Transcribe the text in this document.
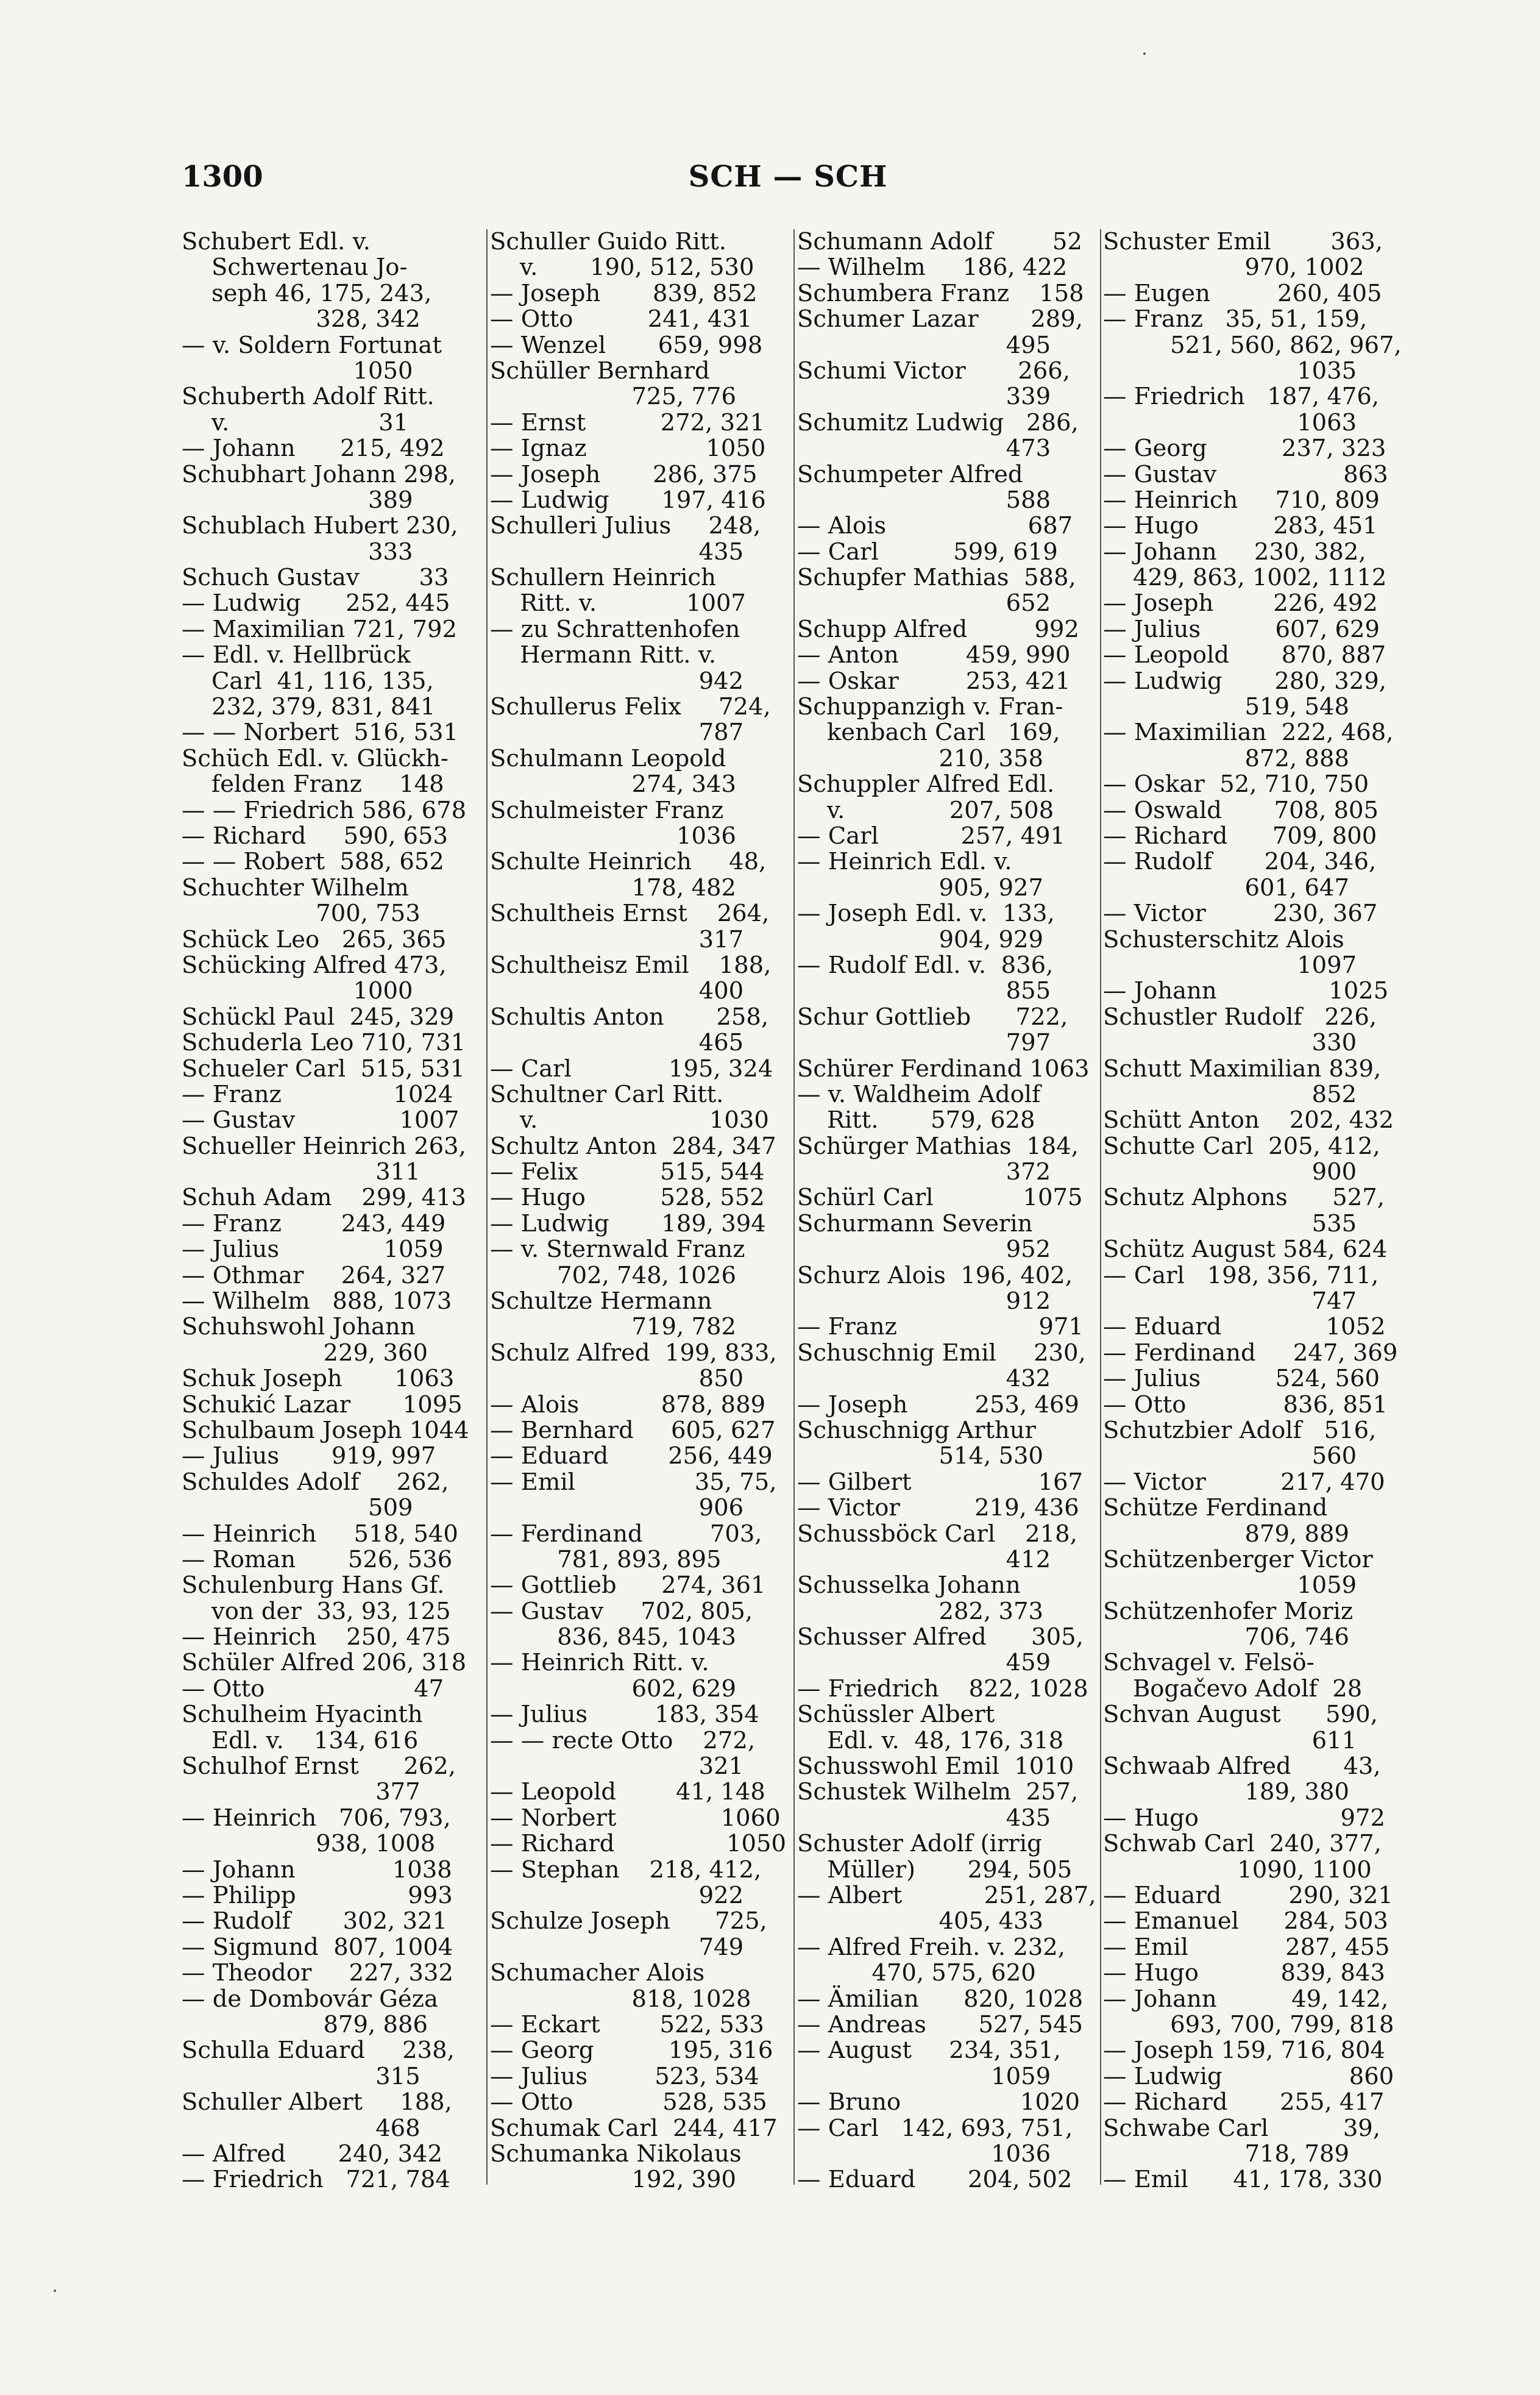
1300	SCH — SCH
Schubert Edl. v.
Schwertenau Jo-
seph 46, 175, 243,
328, 342
— v. Soldern Fortunat
1050
Schuberth Adolf Ritt.
v.                    31
— Johann      215, 492
Schubhart Johann 298,
389
Schublach Hubert 230,
333
Schuch Gustav        33
— Ludwig      252, 445
— Maximilian 721, 792
— Edl. v. Hellbrück
Carl  41, 116, 135,
232, 379, 831, 841
— — Norbert  516, 531
Schüch Edl. v. Glückh-
felden Franz     148
— — Friedrich 586, 678
— Richard     590, 653
— — Robert  588, 652
Schuchter Wilhelm
700, 753
Schück Leo   265, 365
Schücking Alfred 473,
1000
Schückl Paul  245, 329
Schuderla Leo 710, 731
Schueler Carl  515, 531
— Franz               1024
— Gustav              1007
Schueller Heinrich 263,
311
Schuh Adam    299, 413
— Franz        243, 449
— Julius              1059
— Othmar     264, 327
— Wilhelm   888, 1073
Schuhswohl Johann
229, 360
Schuk Joseph       1063
Schukić Lazar       1095
Schulbaum Joseph 1044
— Julius       919, 997
Schuldes Adolf     262,
509
— Heinrich     518, 540
— Roman       526, 536
Schulenburg Hans Gf.
von der  33, 93, 125
— Heinrich    250, 475
Schüler Alfred 206, 318
— Otto                    47
Schulheim Hyacinth
Edl. v.    134, 616
Schulhof Ernst      262,
377
— Heinrich   706, 793,
938, 1008
— Johann             1038
— Philipp               993
— Rudolf       302, 321
— Sigmund  807, 1004
— Theodor     227, 332
— de Dombovár Géza
879, 886
Schulla Eduard     238,
315
Schuller Albert     188,
468
— Alfred       240, 342
— Friedrich   721, 784
Schuller Guido Ritt.
v.       190, 512, 530
— Joseph       839, 852
— Otto          241, 431
— Wenzel       659, 998
Schüller Bernhard
725, 776
— Ernst          272, 321
— Ignaz                1050
— Joseph       286, 375
— Ludwig       197, 416
Schulleri Julius     248,
435
Schullern Heinrich
Ritt. v.            1007
— zu Schrattenhofen
Hermann Ritt. v.
942
Schullerus Felix     724,
787
Schulmann Leopold
274, 343
Schulmeister Franz
1036
Schulte Heinrich     48,
178, 482
Schultheis Ernst    264,
317
Schultheisz Emil    188,
400
Schultis Anton       258,
465
— Carl             195, 324
Schultner Carl Ritt.
v.                       1030
Schultz Anton  284, 347
— Felix           515, 544
— Hugo          528, 552
— Ludwig       189, 394
— v. Sternwald Franz
702, 748, 1026
Schultze Hermann
719, 782
Schulz Alfred  199, 833,
850
— Alois           878, 889
— Bernhard     605, 627
— Eduard        256, 449
— Emil                35, 75,
906
— Ferdinand         703,
781, 893, 895
— Gottlieb      274, 361
— Gustav     702, 805,
836, 845, 1043
— Heinrich Ritt. v.
602, 629
— Julius         183, 354
— — recte Otto    272,
321
— Leopold        41, 148
— Norbert              1060
— Richard               1050
— Stephan    218, 412,
922
Schulze Joseph      725,
749
Schumacher Alois
818, 1028
— Eckart        522, 533
— Georg          195, 316
— Julius         523, 534
— Otto            528, 535
Schumak Carl  244, 417
Schumanka Nikolaus
192, 390
Schumann Adolf        52
— Wilhelm     186, 422
Schumbera Franz    158
Schumer Lazar       289,
495
Schumi Victor       266,
339
Schumitz Ludwig   286,
473
Schumpeter Alfred
588
— Alois                   687
— Carl          599, 619
Schupfer Mathias  588,
652
Schupp Alfred         992
— Anton         459, 990
— Oskar         253, 421
Schuppanzigh v. Fran-
kenbach Carl   169,
210, 358
Schuppler Alfred Edl.
v.              207, 508
— Carl           257, 491
— Heinrich Edl. v.
905, 927
— Joseph Edl. v.  133,
904, 929
— Rudolf Edl. v.  836,
855
Schur Gottlieb      722,
797
Schürer Ferdinand 1063
— v. Waldheim Adolf
Ritt.       579, 628
Schürger Mathias  184,
372
Schürl Carl            1075
Schurmann Severin
952
Schurz Alois  196, 402,
912
— Franz                   971
Schuschnig Emil     230,
432
— Joseph         253, 469
Schuschnigg Arthur
514, 530
— Gilbert                 167
— Victor          219, 436
Schussböck Carl    218,
412
Schusselka Johann
282, 373
Schusser Alfred      305,
459
— Friedrich    822, 1028
Schüssler Albert
Edl. v.  48, 176, 318
Schusswohl Emil  1010
Schustek Wilhelm  257,
435
Schuster Adolf (irrig
Müller)       294, 505
— Albert           251, 287,
405, 433
— Alfred Freih. v. 232,
470, 575, 620
— Ämilian      820, 1028
— Andreas       527, 545
— August     234, 351,
1059
— Bruno                1020
— Carl   142, 693, 751,
1036
— Eduard       204, 502
Schuster Emil        363,
970, 1002
— Eugen         260, 405
— Franz   35, 51, 159,
521, 560, 862, 967,
1035
— Friedrich   187, 476,
1063
— Georg          237, 323
— Gustav                 863
— Heinrich     710, 809
— Hugo          283, 451
— Johann     230, 382,
429, 863, 1002, 1112
— Joseph        226, 492
— Julius          607, 629
— Leopold       870, 887
— Ludwig       280, 329,
519, 548
— Maximilian  222, 468,
872, 888
— Oskar  52, 710, 750
— Oswald       708, 805
— Richard      709, 800
— Rudolf       204, 346,
601, 647
— Victor         230, 367
Schusterschitz Alois
1097
— Johann               1025
Schustler Rudolf   226,
330
Schutt Maximilian 839,
852
Schütt Anton    202, 432
Schutte Carl  205, 412,
900
Schutz Alphons      527,
535
Schütz August 584, 624
— Carl   198, 356, 711,
747
— Eduard              1052
— Ferdinand     247, 369
— Julius          524, 560
— Otto             836, 851
Schutzbier Adolf   516,
560
— Victor          217, 470
Schütze Ferdinand
879, 889
Schützenberger Victor
1059
Schützenhofer Moriz
706, 746
Schvagel v. Felsö-
Bogačevo Adolf  28
Schvan August      590,
611
Schwaab Alfred       43,
189, 380
— Hugo                   972
Schwab Carl  240, 377,
1090, 1100
— Eduard         290, 321
— Emanuel      284, 503
— Emil             287, 455
— Hugo           839, 843
— Johann          49, 142,
693, 700, 799, 818
— Joseph 159, 716, 804
— Ludwig                 860
— Richard       255, 417
Schwabe Carl          39,
718, 789
— Emil      41, 178, 330
